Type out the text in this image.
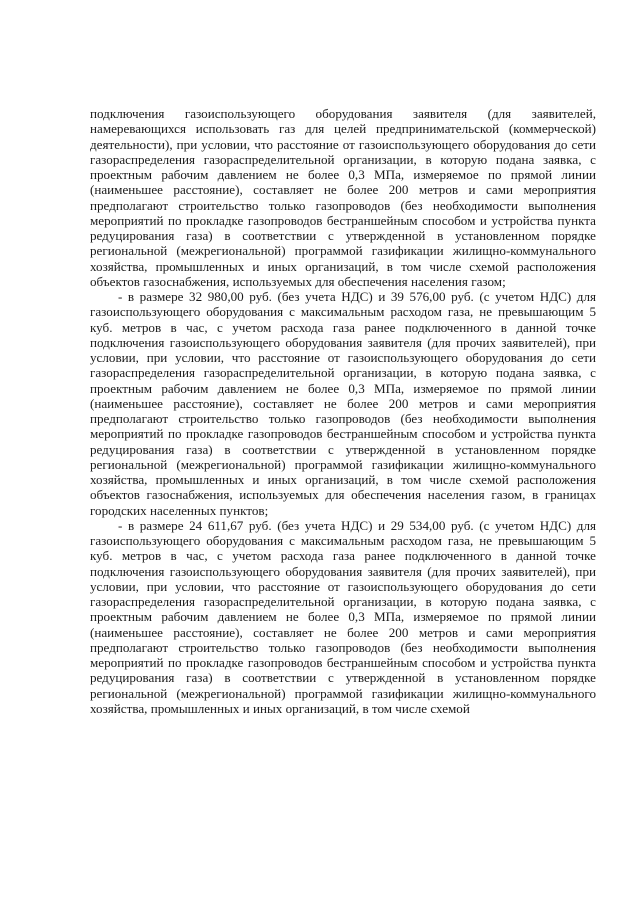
подключения газоиспользующего оборудования заявителя (для заявителей, намеревающихся использовать газ для целей предпринимательской (коммерческой) деятельности), при условии, что расстояние от газоиспользующего оборудования до сети газораспределения газораспределительной организации, в которую подана заявка, с проектным рабочим давлением не более 0,3 МПа, измеряемое по прямой линии (наименьшее расстояние), составляет не более 200 метров и сами мероприятия предполагают строительство только газопроводов (без необходимости выполнения мероприятий по прокладке газопроводов бестраншейным способом и устройства пункта редуцирования газа) в соответствии с утвержденной в установленном порядке региональной (межрегиональной) программой газификации жилищно-коммунального хозяйства, промышленных и иных организаций, в том числе схемой расположения объектов газоснабжения, используемых для обеспечения населения газом;

- в размере 32 980,00 руб. (без учета НДС) и 39 576,00 руб. (с учетом НДС) для газоиспользующего оборудования с максимальным расходом газа, не превышающим 5 куб. метров в час, с учетом расхода газа ранее подключенного в данной точке подключения газоиспользующего оборудования заявителя (для прочих заявителей), при условии, при условии, что расстояние от газоиспользующего оборудования до сети газораспределения газораспределительной организации, в которую подана заявка, с проектным рабочим давлением не более 0,3 МПа, измеряемое по прямой линии (наименьшее расстояние), составляет не более 200 метров и сами мероприятия предполагают строительство только газопроводов (без необходимости выполнения мероприятий по прокладке газопроводов бестраншейным способом и устройства пункта редуцирования газа) в соответствии с утвержденной в установленном порядке региональной (межрегиональной) программой газификации жилищно-коммунального хозяйства, промышленных и иных организаций, в том числе схемой расположения объектов газоснабжения, используемых для обеспечения населения газом, в границах городских населенных пунктов;

- в размере 24 611,67 руб. (без учета НДС) и 29 534,00 руб. (с учетом НДС) для газоиспользующего оборудования с максимальным расходом газа, не превышающим 5 куб. метров в час, с учетом расхода газа ранее подключенного в данной точке подключения газоиспользующего оборудования заявителя (для прочих заявителей), при условии, при условии, что расстояние от газоиспользующего оборудования до сети газораспределения газораспределительной организации, в которую подана заявка, с проектным рабочим давлением не более 0,3 МПа, измеряемое по прямой линии (наименьшее расстояние), составляет не более 200 метров и сами мероприятия предполагают строительство только газопроводов (без необходимости выполнения мероприятий по прокладке газопроводов бестраншейным способом и устройства пункта редуцирования газа) в соответствии с утвержденной в установленном порядке региональной (межрегиональной) программой газификации жилищно-коммунального хозяйства, промышленных и иных организаций, в том числе схемой
